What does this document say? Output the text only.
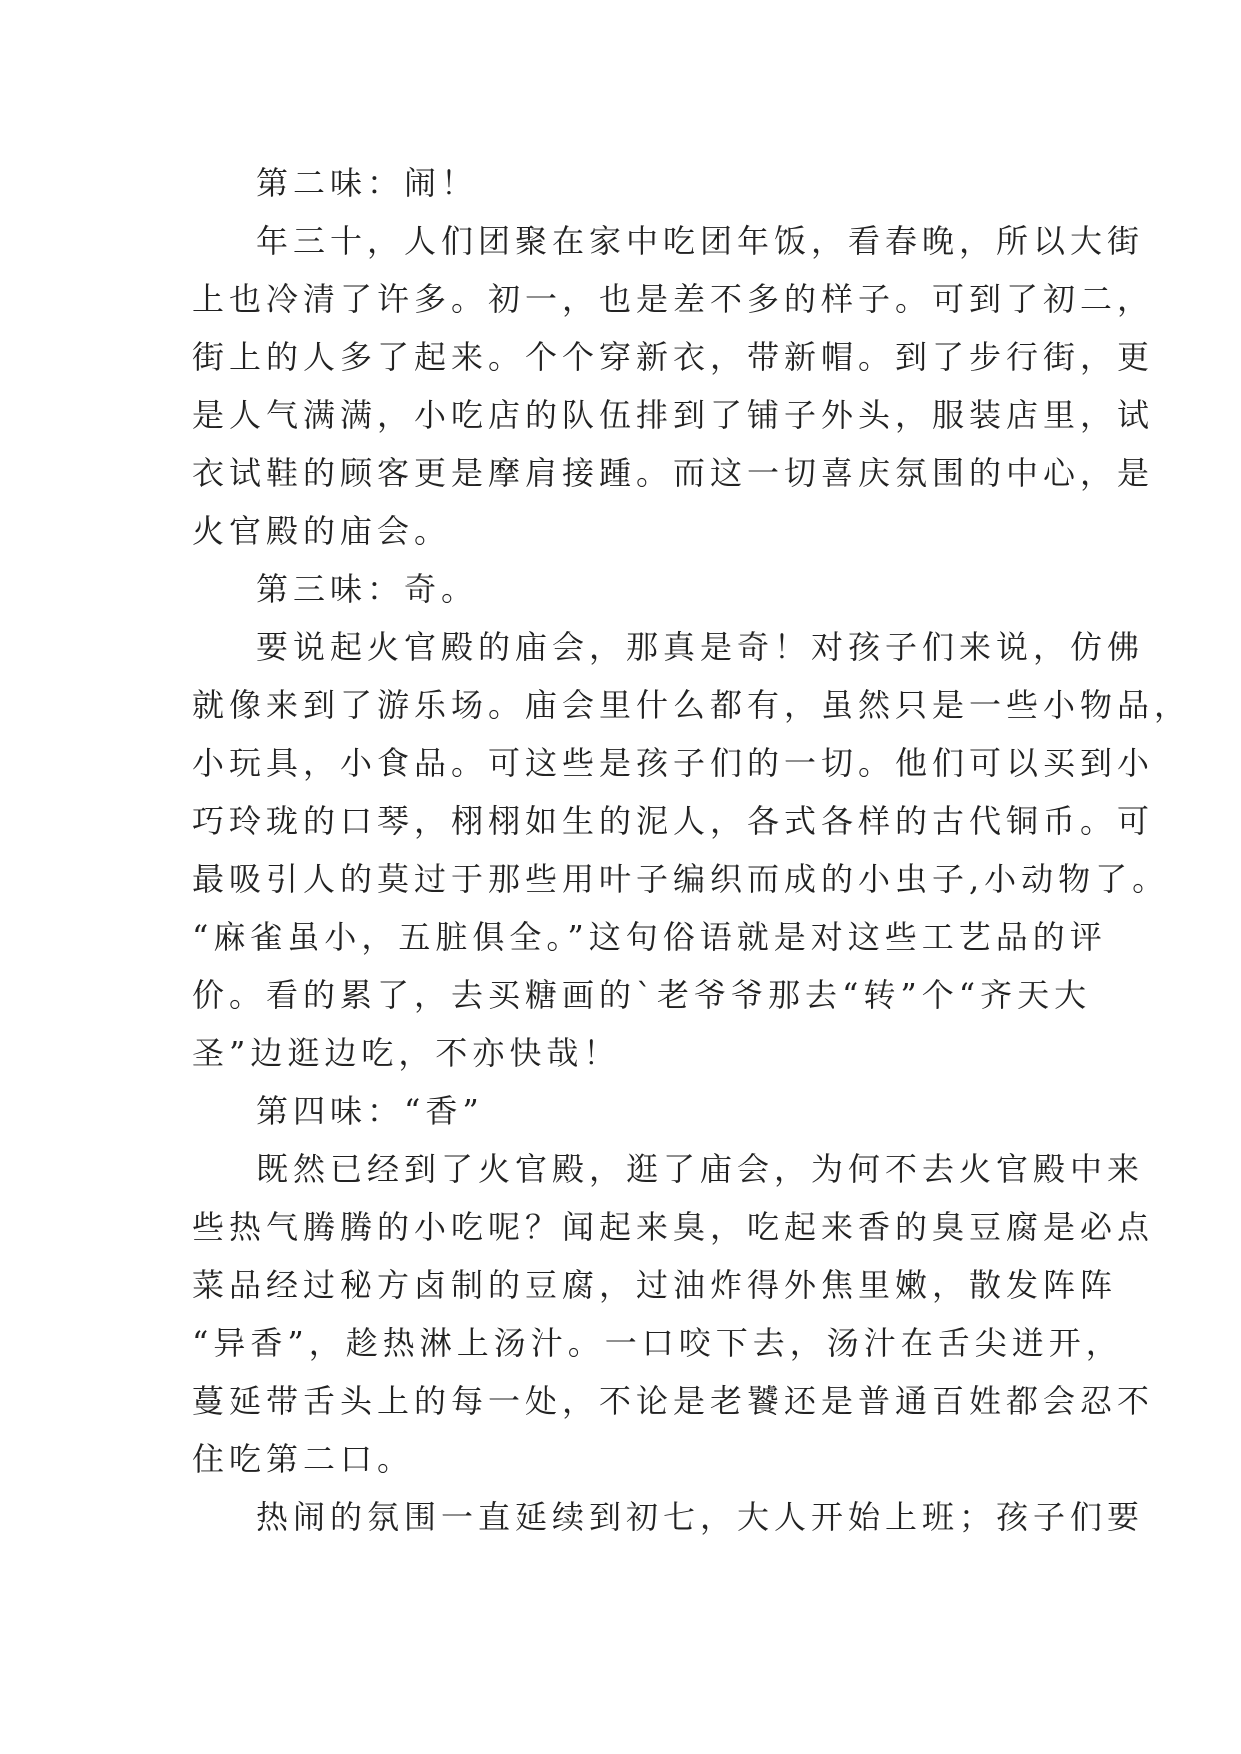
第二味：闹！
年三十，人们团聚在家中吃团年饭，看春晚，所以大街
上也冷清了许多。初一，也是差不多的样子。可到了初二，
街上的人多了起来。个个穿新衣，带新帽。到了步行街，更
是人气满满，小吃店的队伍排到了铺子外头，服装店里，试
衣试鞋的顾客更是摩肩接踵。而这一切喜庆氛围的中心，是
火官殿的庙会。
第三味：奇。
要说起火官殿的庙会，那真是奇！对孩子们来说，仿佛
就像来到了游乐场。庙会里什么都有，虽然只是一些小物品，
小玩具，小食品。可这些是孩子们的一切。他们可以买到小
巧玲珑的口琴，栩栩如生的泥人，各式各样的古代铜币。可
最吸引人的莫过于那些用叶子编织而成的小虫子,小动物了。
“麻雀虽小，五脏俱全。”这句俗语就是对这些工艺品的评
价。看的累了，去买糖画的`老爷爷那去“转”个“齐天大
圣”边逛边吃，不亦快哉！
第四味：“香”
既然已经到了火官殿，逛了庙会，为何不去火官殿中来
些热气腾腾的小吃呢？闻起来臭，吃起来香的臭豆腐是必点
菜品经过秘方卤制的豆腐，过油炸得外焦里嫩，散发阵阵
“异香”，趁热淋上汤汁。一口咬下去，汤汁在舌尖迸开，
蔓延带舌头上的每一处，不论是老饕还是普通百姓都会忍不
住吃第二口。
热闹的氛围一直延续到初七，大人开始上班；孩子们要
